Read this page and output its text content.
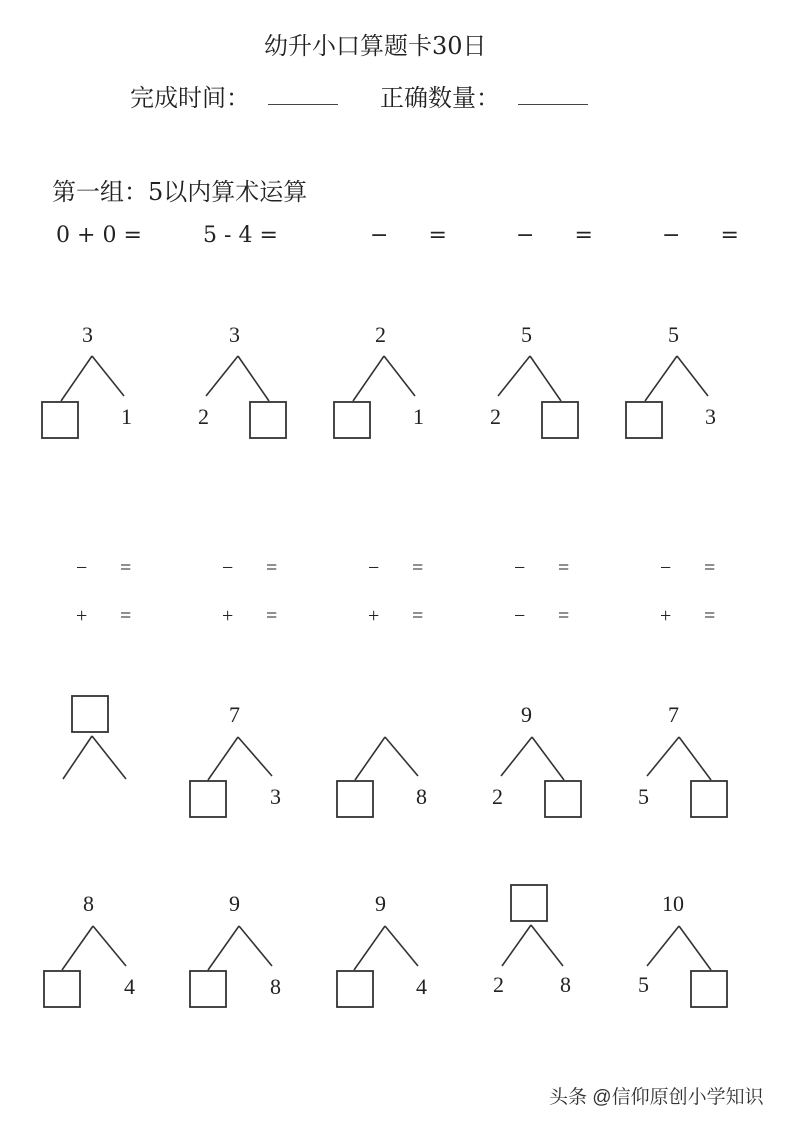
幼升小口算题卡30日
完成时间：	正确数量：
第一组：5以内算术运算
0 + 0 =	5 - 4 =	− =	− =	− =
3
1
3
2
2
1
5
2
5
3
− =	− =	− =	− =	− =
+ =	+ =	+ =	− =	+ =
7
3	8
9
2
7
5
8
4
9
8
9
4	2	8
10
5
头条 @信仰原创小学知识
